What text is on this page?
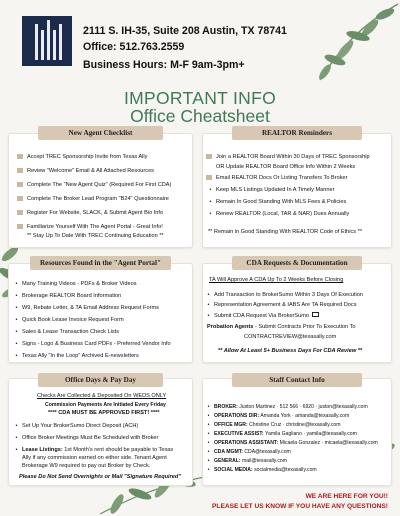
2111 S. IH-35, Suite 208 Austin, TX 78741
Office: 512.763.2559
Business Hours: M-F 9am-3pm+
IMPORTANT INFO
Office Cheatsheet
New Agent Checklist
Accept TREC Sponsorship Invite from Texas Ally
Review "Welcome" Email & All Attached Resources
Complete The "New Agent Quiz" (Required For First CDA)
Complete The Broker Lead Program "B24" Questionnaire
Register For Website, SLACK, & Submit Agent Bio Info
Familiarize Yourself With The Agent Portal - Great Info!
** Stay Up To Date With TREC Continuing Education **
REALTOR Reminders
Join a REALTOR Board Within 30 Days of TREC Sponsorship
OR Update REALTOR Board Office Info Within 2 Weeks
Email REALTOR Docs Or Listing Transfers To Broker
• Keep MLS Listings Updated In A Timely Manner
• Remain In Good Standing With MLS Fees & Policies
• Renew REALTOR (Local, TAR & NAR) Dues Annually
** Remain in Good Standing With REALTOR Code of Ethics **
Resources Found in the "Agent Portal"
• Many Training Videos - PDFs & Broker Videos
• Brokerage REALTOR Board Information
• W9, Rebate Letter, & TA Email Address Request Forms
• Quick Book Lease Invoice Request Form
• Sales & Lease Transaction Check Lists
• Signs - Logo & Business Card PDFs - Preferred Vendor Info
• Texas Ally "In the Loop" Archived E-newsletters
CDA Requests & Documentation
TA Will Approve A CDA Up To 2 Weeks Before Closing
• Add Transaction to BrokerSumo Within 3 Days Of Execution
• Representation Agreement & IABS Are TA Required Docs
• Submit CDA Request Via BrokerSumo
Probation Agents - Submit Contracts Prior To Execution To
CONTRACTREVIEW@texasally.com
** Allow At Least 5+ Business Days For CDA Review **
Office Days & Pay Day
Checks Are Collected & Deposited On WEDS ONLY
Commission Payments Are Initiated Every Friday
**** CDA MUST BE APPROVED FIRST! ****
• Set Up Your BrokerSumo Direct Deposit (ACH)
• Office Broker Meetings Must Be Scheduled with Broker
• Lease Listings: 1st Month's rent should be payable to Texas
Ally if any commission earned on either side. Tenant Agent
Brokerage W9 required to pay out Broker by Check.
Please Do Not Send Overnights or Mail "Signature Required"
Staff Contact Info
• BROKER: Juston Martinez · 512 566 · 6920 · juston@texasally.com
• OPERATIONS DIR: Amanda York · amanda@texasally.com
• OFFICE MGR: Christine Cruz · christine@texasally.com
• EXECUTIVE ASSIST: Yamila Gagliano · yamila@texasally.com
• OPERATIONS ASSISTANT: Micaela Gonzalez · micaela@texasally.com
• CDA MGMT: CDA@texasally.com
• GENERAL: mail@texasally.com
• SOCIAL MEDIA: socialmedia@texasally.com
WE ARE HERE FOR YOU!!
PLEASE LET US KNOW IF YOU HAVE ANY QUESTIONS!
